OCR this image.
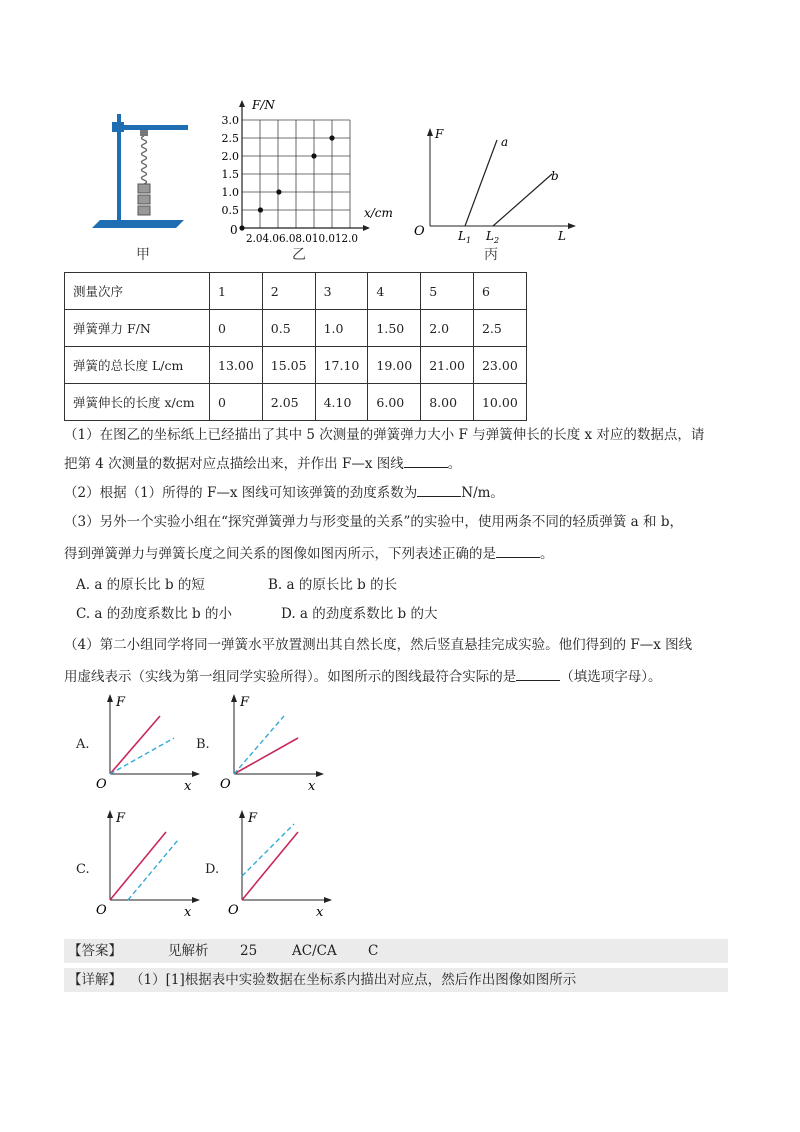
甲
0.5
1.0
1.5
2.0
2.5
3.0
2.04.06.08.010.012.0
F/N
x/cm
0
乙
F
a
b
O	$L_1$ $L_2$	L
丙
测量次序	1	2	3	4	5	6
弹簧弹力 F/N	0	0.5	1.0	1.50	2.0	2.5
弹簧的总长度 L/cm	13.00	15.05	17.10	19.00	21.00	23.00
弹簧伸长的长度 x/cm	0	2.05	4.10	6.00	8.00	10.00
（1）在图乙的坐标纸上已经描出了其中 5 次测量的弹簧弹力大小 F 与弹簧伸长的长度 x 对应的数据点，请
把第 4 次测量的数据对应点描绘出来，并作出 F—x 图线	。
（2）根据（1）所得的 F—x 图线可知该弹簧的劲度系数为	N/m。
（3）另外一个实验小组在“探究弹簧弹力与形变量的关系”的实验中，使用两条不同的轻质弹簧 a 和 b，
得到弹簧弹力与弹簧长度之间关系的图像如图丙所示，下列表述正确的是	。
A. a 的原长比 b 的短	B. a 的原长比 b 的长
C. a 的劲度系数比 b 的小	D. a 的劲度系数比 b 的大
（4）第二小组同学将同一弹簧水平放置测出其自然长度，然后竖直悬挂完成实验。他们得到的 F—x 图线
用虚线表示（实线为第一组同学实验所得）。如图所示的图线最符合实际的是	（填选项字母）。
A.
F
O	x
B.
F
O	x
C.
F
O	x
D.
F
O	x
【答案】	见解析 25	AC/CA C
【详解】 （1）[1]根据表中实验数据在坐标系内描出对应点，然后作出图像如图所示
